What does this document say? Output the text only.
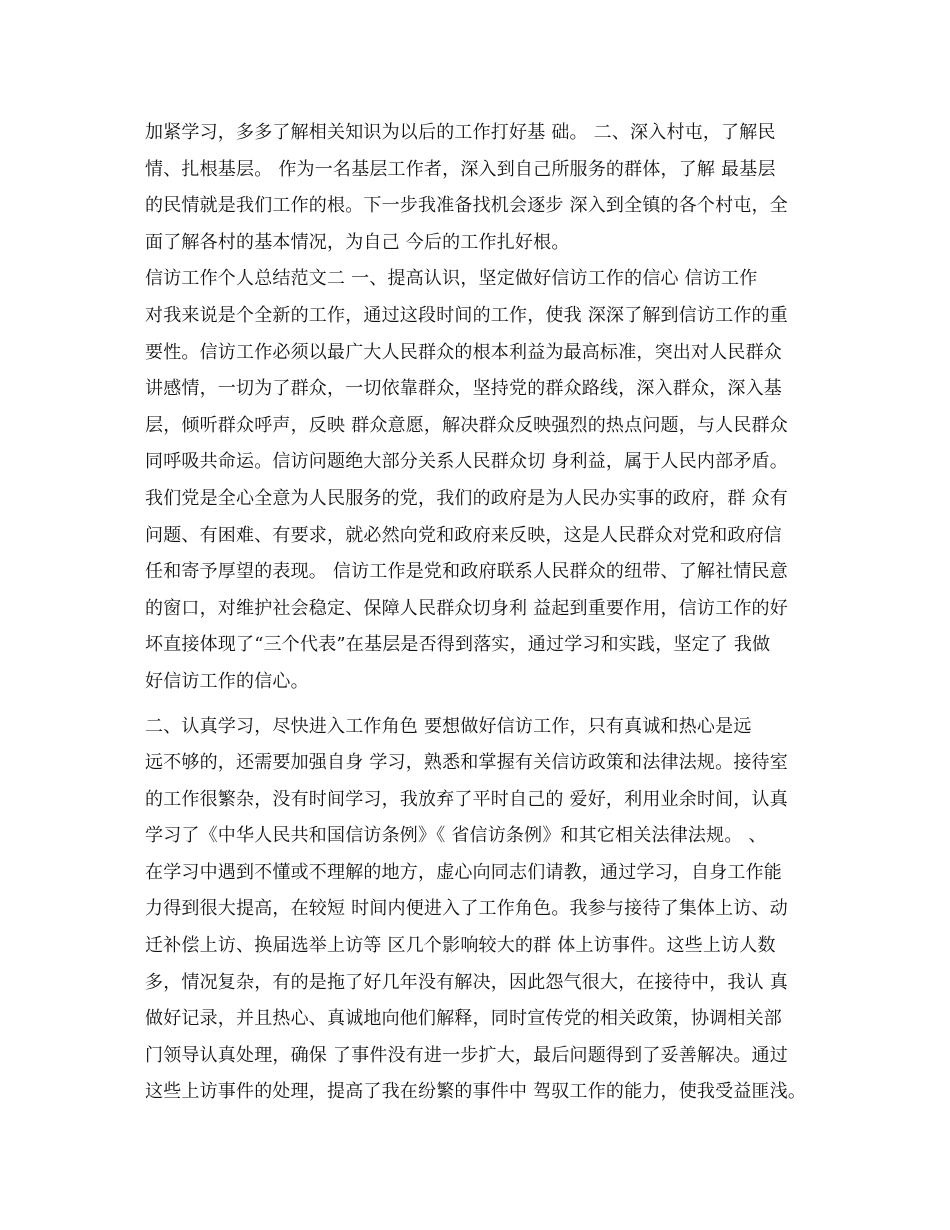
加紧学习，多多了解相关知识为以后的工作打好基 础。 二、深入村屯，了解民
情、扎根基层。 作为一名基层工作者，深入到自己所服务的群体，了解 最基层
的民情就是我们工作的根。下一步我准备找机会逐步 深入到全镇的各个村屯，全
面了解各村的基本情况，为自己 今后的工作扎好根。
信访工作个人总结范文二 一、提高认识，坚定做好信访工作的信心 信访工作
对我来说是个全新的工作，通过这段时间的工作，使我 深深了解到信访工作的重
要性。信访工作必须以最广大人民群众的根本利益为最高标准，突出对人民群众
讲感情，一切为了群众，一切依靠群众，坚持党的群众路线，深入群众，深入基
层，倾听群众呼声，反映 群众意愿，解决群众反映强烈的热点问题，与人民群众
同呼吸共命运。信访问题绝大部分关系人民群众切 身利益，属于人民内部矛盾。
我们党是全心全意为人民服务的党，我们的政府是为人民办实事的政府，群 众有
问题、有困难、有要求，就必然向党和政府来反映，这是人民群众对党和政府信
任和寄予厚望的表现。 信访工作是党和政府联系人民群众的纽带、了解社情民意
的窗口，对维护社会稳定、保障人民群众切身利 益起到重要作用，信访工作的好
坏直接体现了“三个代表”在基层是否得到落实，通过学习和实践，坚定了 我做
好信访工作的信心。
二、认真学习，尽快进入工作角色 要想做好信访工作，只有真诚和热心是远
远不够的，还需要加强自身 学习，熟悉和掌握有关信访政策和法律法规。接待室
的工作很繁杂，没有时间学习，我放弃了平时自己的 爱好，利用业余时间，认真
学习了《中华人民共和国信访条例》《 省信访条例》和其它相关法律法规。 、
在学习中遇到不懂或不理解的地方，虚心向同志们请教，通过学习，自身工作能
力得到很大提高，在较短 时间内便进入了工作角色。我参与接待了集体上访、动
迁补偿上访、换届选举上访等 区几个影响较大的群 体上访事件。这些上访人数
多，情况复杂，有的是拖了好几年没有解决，因此怨气很大，在接待中，我认 真
做好记录，并且热心、真诚地向他们解释，同时宣传党的相关政策，协调相关部
门领导认真处理，确保 了事件没有进一步扩大，最后问题得到了妥善解决。通过
这些上访事件的处理，提高了我在纷繁的事件中 驾驭工作的能力，使我受益匪浅。
